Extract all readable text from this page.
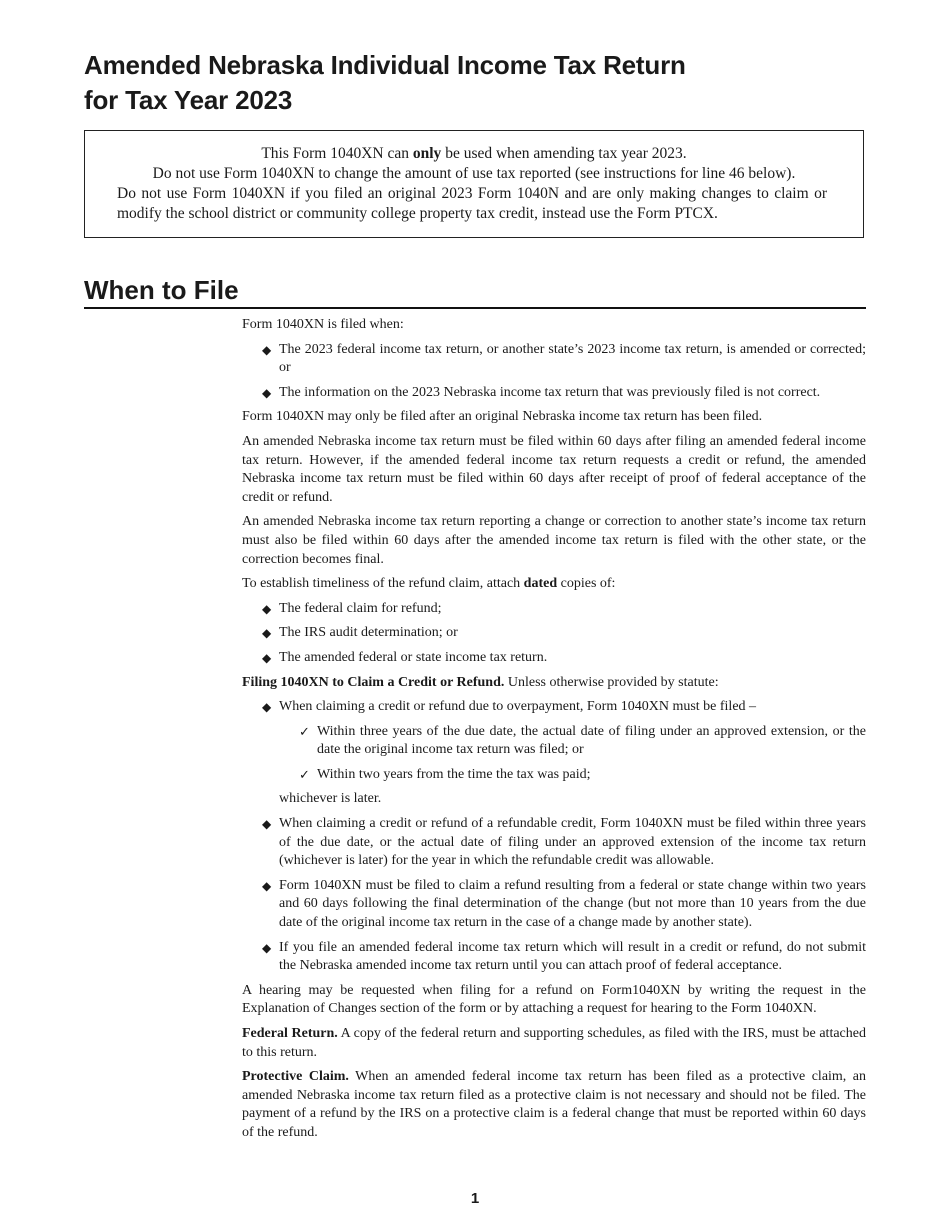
Amended Nebraska Individual Income Tax Return
for Tax Year 2023

This Form 1040XN can only be used when amending tax year 2023.

Do not use Form 1040XN to change the amount of use tax reported (see instructions for line 46 below).

Do not use Form 1040XN if you filed an original 2023 Form 1040N and are only making changes to claim or modify the school district or community college property tax credit, instead use the Form PTCX.

When to File

Form 1040XN is filed when:

◆ The 2023 federal income tax return, or another state’s 2023 income tax return, is amended or corrected; or
◆ The information on the 2023 Nebraska income tax return that was previously filed is not correct.

Form 1040XN may only be filed after an original Nebraska income tax return has been filed.

An amended Nebraska income tax return must be filed within 60 days after filing an amended federal income tax return. However, if the amended federal income tax return requests a credit or refund, the amended Nebraska income tax return must be filed within 60 days after receipt of proof of federal acceptance of the credit or refund.

An amended Nebraska income tax return reporting a change or correction to another state’s income tax return must also be filed within 60 days after the amended income tax return is filed with the other state, or the correction becomes final.

To establish timeliness of the refund claim, attach dated copies of:

◆ The federal claim for refund;
◆ The IRS audit determination; or
◆ The amended federal or state income tax return.

Filing 1040XN to Claim a Credit or Refund. Unless otherwise provided by statute:

◆ When claiming a credit or refund due to overpayment, Form 1040XN must be filed –
✓ Within three years of the due date, the actual date of filing under an approved extension, or the date the original income tax return was filed; or
✓ Within two years from the time the tax was paid;

whichever is later.

◆ When claiming a credit or refund of a refundable credit, Form 1040XN must be filed within three years of the due date, or the actual date of filing under an approved extension of the income tax return (whichever is later) for the year in which the refundable credit was allowable.
◆ Form 1040XN must be filed to claim a refund resulting from a federal or state change within two years and 60 days following the final determination of the change (but not more than 10 years from the due date of the original income tax return in the case of a change made by another state).
◆ If you file an amended federal income tax return which will result in a credit or refund, do not submit the Nebraska amended income tax return until you can attach proof of federal acceptance.

A hearing may be requested when filing for a refund on Form1040XN by writing the request in the Explanation of Changes section of the form or by attaching a request for hearing to the Form 1040XN.

Federal Return. A copy of the federal return and supporting schedules, as filed with the IRS, must be attached to this return.

Protective Claim. When an amended federal income tax return has been filed as a protective claim, an amended Nebraska income tax return filed as a protective claim is not necessary and should not be filed. The payment of a refund by the IRS on a protective claim is a federal change that must be reported within 60 days of the refund.

1
